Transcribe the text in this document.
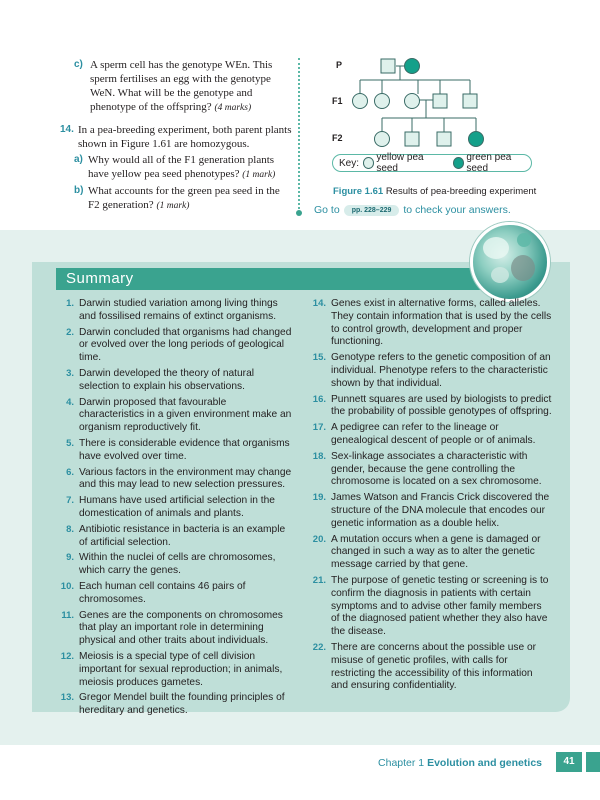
c) A sperm cell has the genotype WEn. This sperm fertilises an egg with the genotype WeN. What will be the genotype and phenotype of the offspring? (4 marks)
14. In a pea-breeding experiment, both parent plants shown in Figure 1.61 are homozygous.
a) Why would all of the F1 generation plants have yellow pea seed phenotypes? (1 mark)
b) What accounts for the green pea seed in the F2 generation? (1 mark)
P
F1
F2
Key: yellow pea seed
green pea seed
Figure 1.61 Results of pea-breeding experiment
Go to	pp. 228–229	to check your answers.
Summary
1. Darwin studied variation among living things and fossilised remains of extinct organisms.
2. Darwin concluded that organisms had changed or evolved over the long periods of geological time.
3. Darwin developed the theory of natural selection to explain his observations.
4. Darwin proposed that favourable characteristics in a given environment make an organism reproductively fit.
5. There is considerable evidence that organisms have evolved over time.
6. Various factors in the environment may change and this may lead to new selection pressures.
7. Humans have used artificial selection in the domestication of animals and plants.
8. Antibiotic resistance in bacteria is an example of artificial selection.
9. Within the nuclei of cells are chromosomes, which carry the genes.
10. Each human cell contains 46 pairs of chromosomes.
11. Genes are the components on chromosomes that play an important role in determining physical and other traits about individuals.
12. Meiosis is a special type of cell division important for sexual reproduction; in animals, meiosis produces gametes.
13. Gregor Mendel built the founding principles of hereditary and genetics.
14. Genes exist in alternative forms, called alleles. They contain information that is used by the cells to control growth, development and proper functioning.
15. Genotype refers to the genetic composition of an individual. Phenotype refers to the characteristic shown by that individual.
16. Punnett squares are used by biologists to predict the probability of possible genotypes of offspring.
17. A pedigree can refer to the lineage or genealogical descent of people or of animals.
18. Sex-linkage associates a characteristic with gender, because the gene controlling the chromosome is located on a sex chromosome.
19. James Watson and Francis Crick discovered the structure of the DNA molecule that encodes our genetic information as a double helix.
20. A mutation occurs when a gene is damaged or changed in such a way as to alter the genetic message carried by that gene.
21. The purpose of genetic testing or screening is to confirm the diagnosis in patients with certain symptoms and to advise other family members of the diagnosed patient whether they also have the disease.
22. There are concerns about the possible use or misuse of genetic profiles, with calls for restricting the accessibility of this information and ensuring confidentiality.
Chapter 1 Evolution and genetics	41
